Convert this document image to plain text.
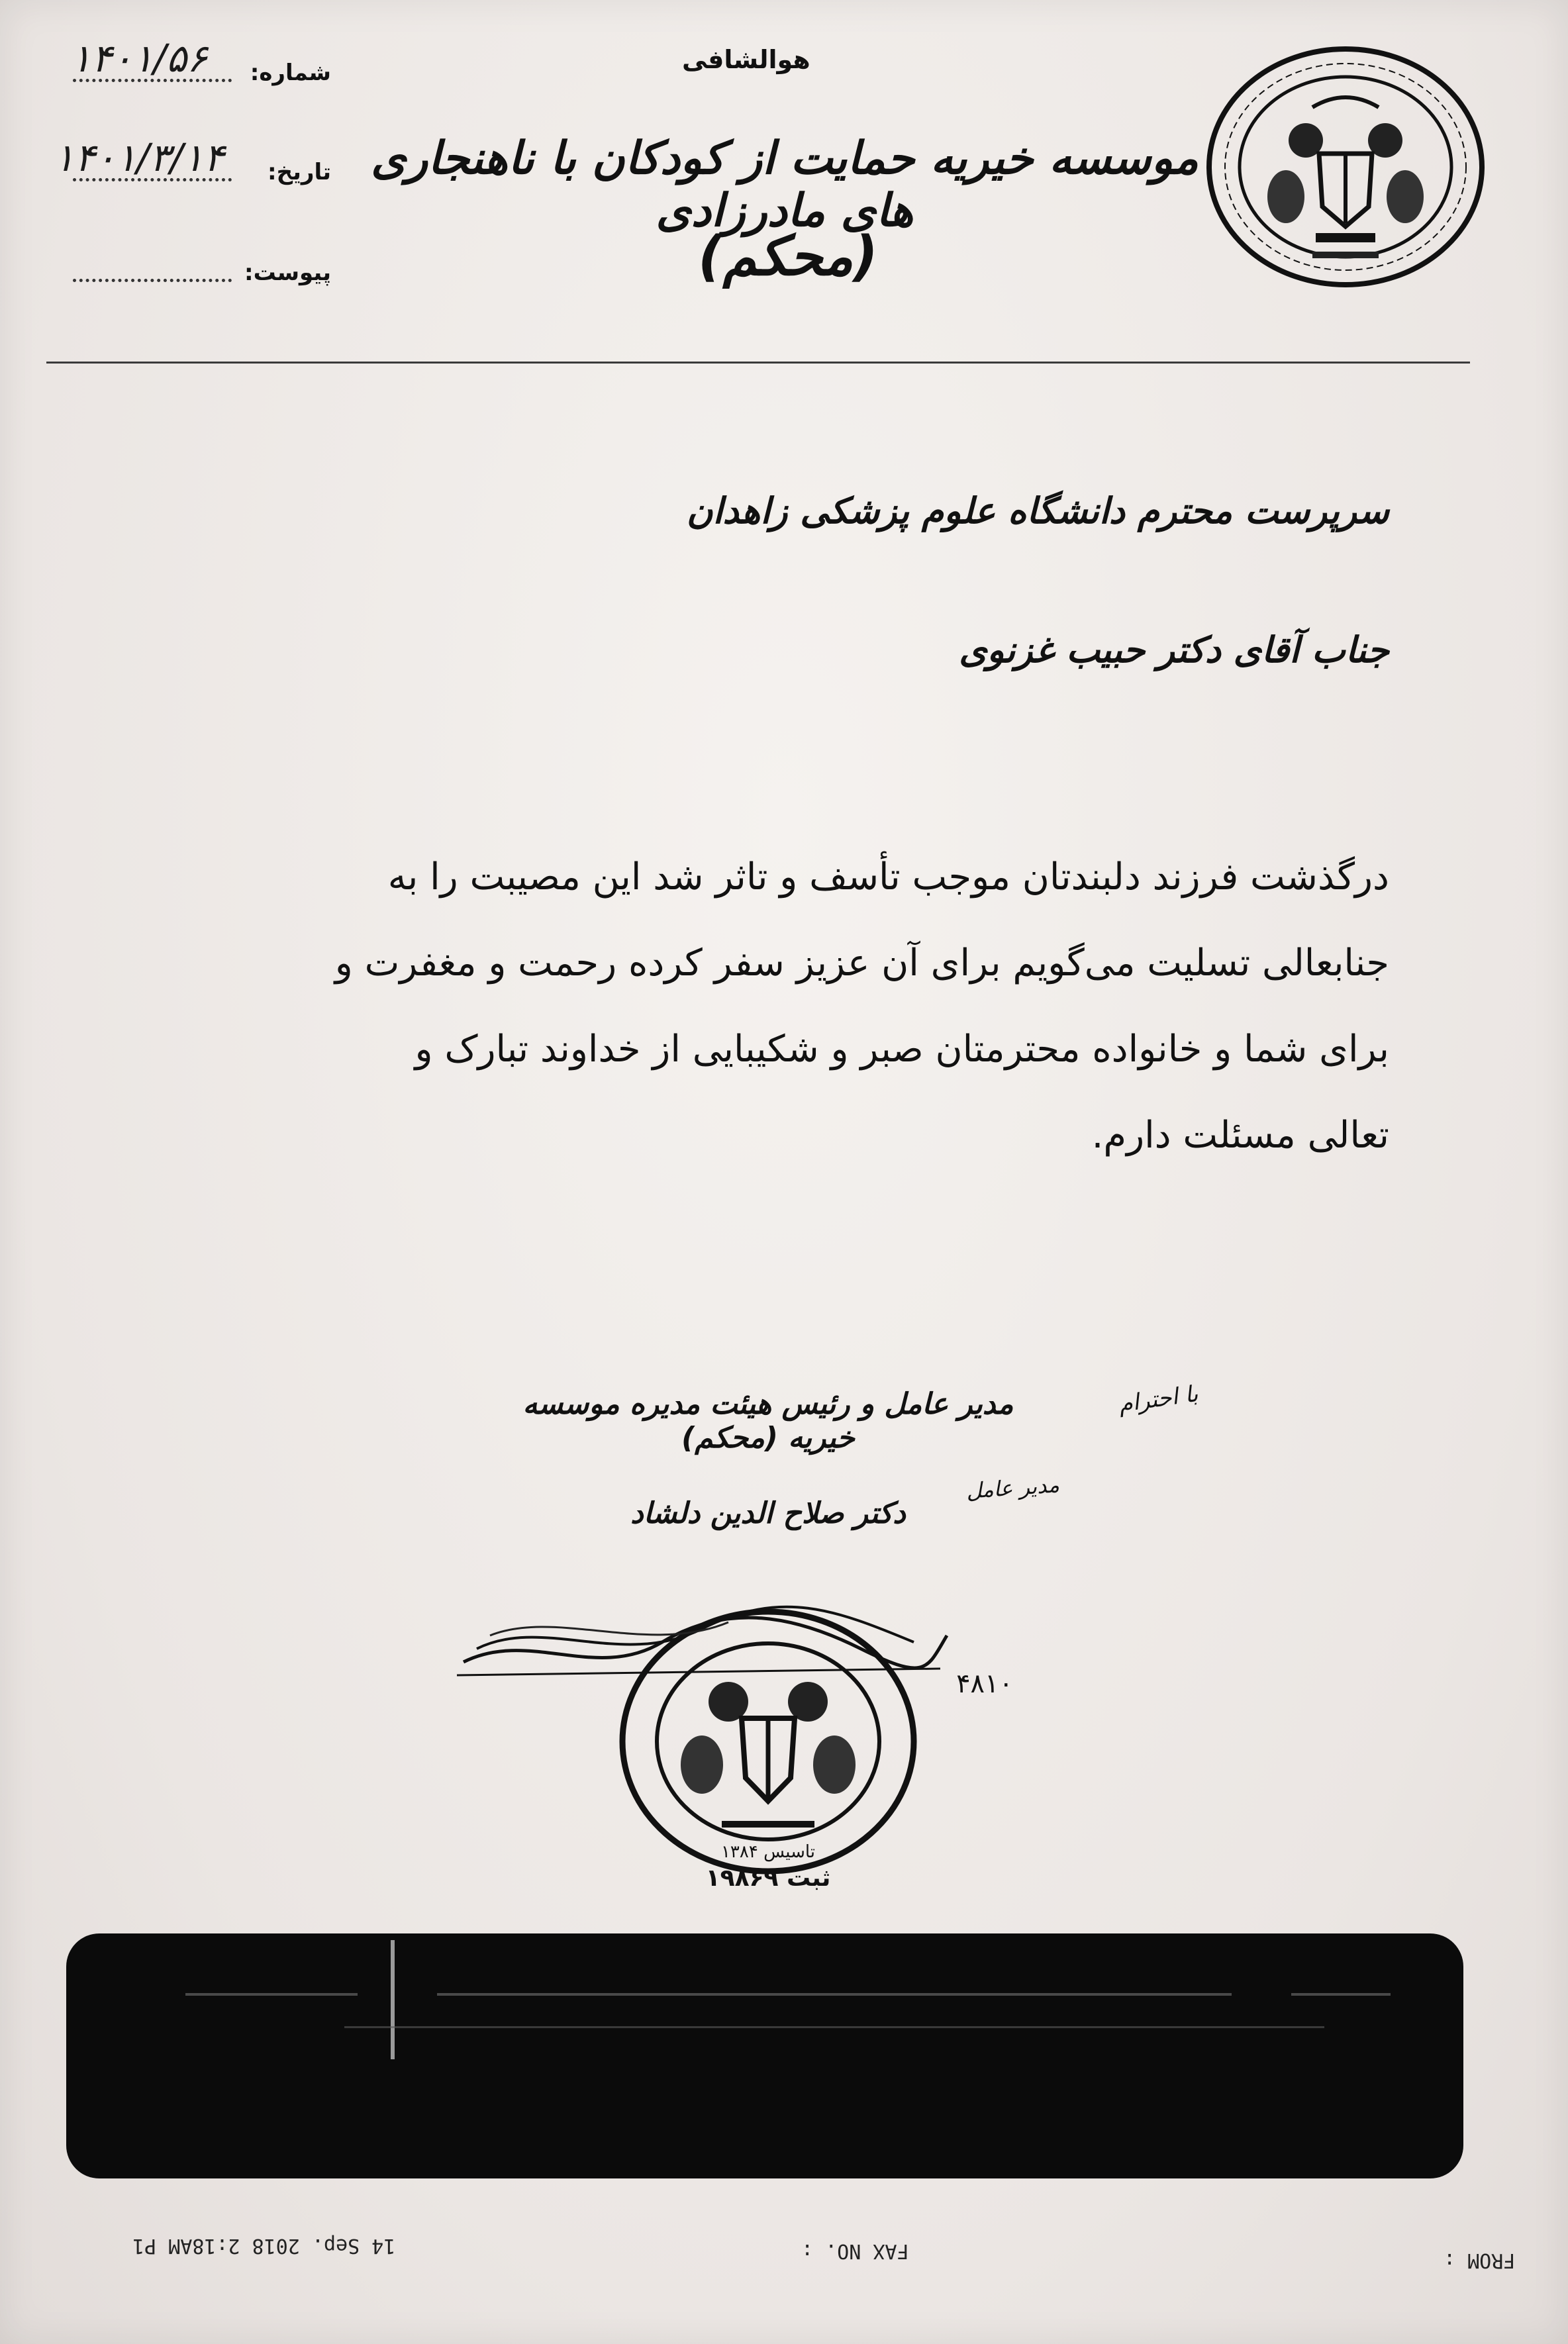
هوالشافی
موسسه خیریه حمایت از کودکان با ناهنجاری های مادرزادی
(محکم)
شماره:
۱۴۰۱/۵۶
تاریخ:
۱۴۰۱/۳/۱۴
پیوست:
سرپرست محترم دانشگاه علوم پزشکی زاهدان
جناب آقای دکتر حبیب غزنوی

درگذشت فرزند دلبندتان موجب تأسف و تاثر شد این مصیبت را به

جنابعالی تسلیت می‌گویم برای آن عزیز سفر کرده رحمت و مغفرت و

برای شما و خانواده محترمتان صبر و شکیبایی از خداوند تبارک و

تعالی مسئلت دارم.

با احترام
مدیر عامل و رئیس هیئت مدیره موسسه خیریه (محکم)
مدیر عامل
دکتر صلاح الدین دلشاد
تاسیس ۱۳۸۴
ثبت ۱۹۸۶۹
۴۸۱۰
FROM :
FAX NO. :
14 Sep. 2018 2:18AM P1
